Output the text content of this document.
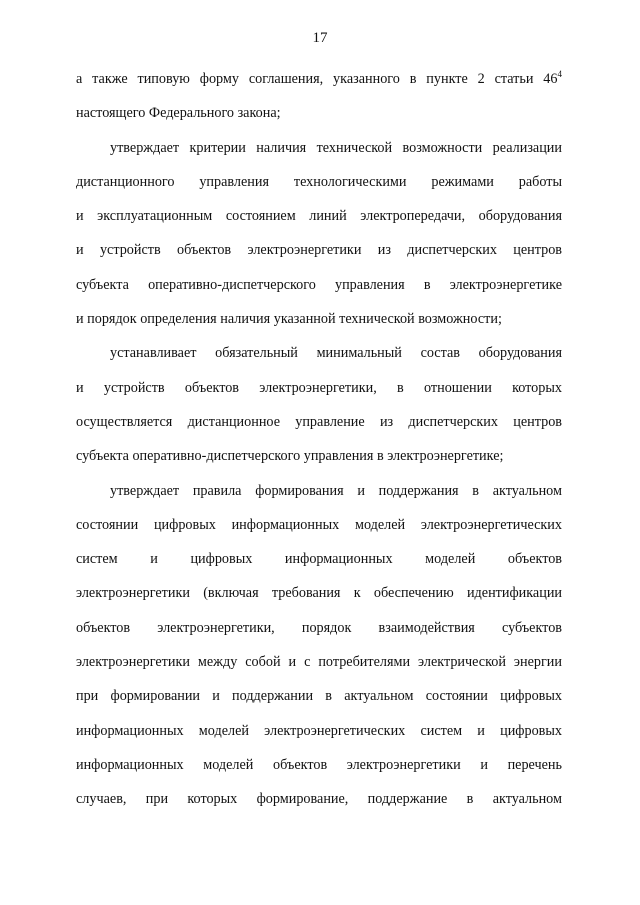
17
а также типовую форму соглашения, указанного в пункте 2 статьи $46^4$
настоящего Федерального закона;
утверждает критерии наличия технической возможности реализации
дистанционного управления технологическими режимами работы
и эксплуатационным состоянием линий электропередачи, оборудования
и устройств объектов электроэнергетики из диспетчерских центров
субъекта оперативно-диспетчерского управления в электроэнергетике
и порядок определения наличия указанной технической возможности;
устанавливает обязательный минимальный состав оборудования
и устройств объектов электроэнергетики, в отношении которых
осуществляется дистанционное управление из диспетчерских центров
субъекта оперативно-диспетчерского управления в электроэнергетике;
утверждает правила формирования и поддержания в актуальном
состоянии цифровых информационных моделей электроэнергетических
систем и цифровых информационных моделей объектов
электроэнергетики (включая требования к обеспечению идентификации
объектов электроэнергетики, порядок взаимодействия субъектов
электроэнергетики между собой и с потребителями электрической энергии
при формировании и поддержании в актуальном состоянии цифровых
информационных моделей электроэнергетических систем и цифровых
информационных моделей объектов электроэнергетики и перечень
случаев, при которых формирование, поддержание в актуальном
